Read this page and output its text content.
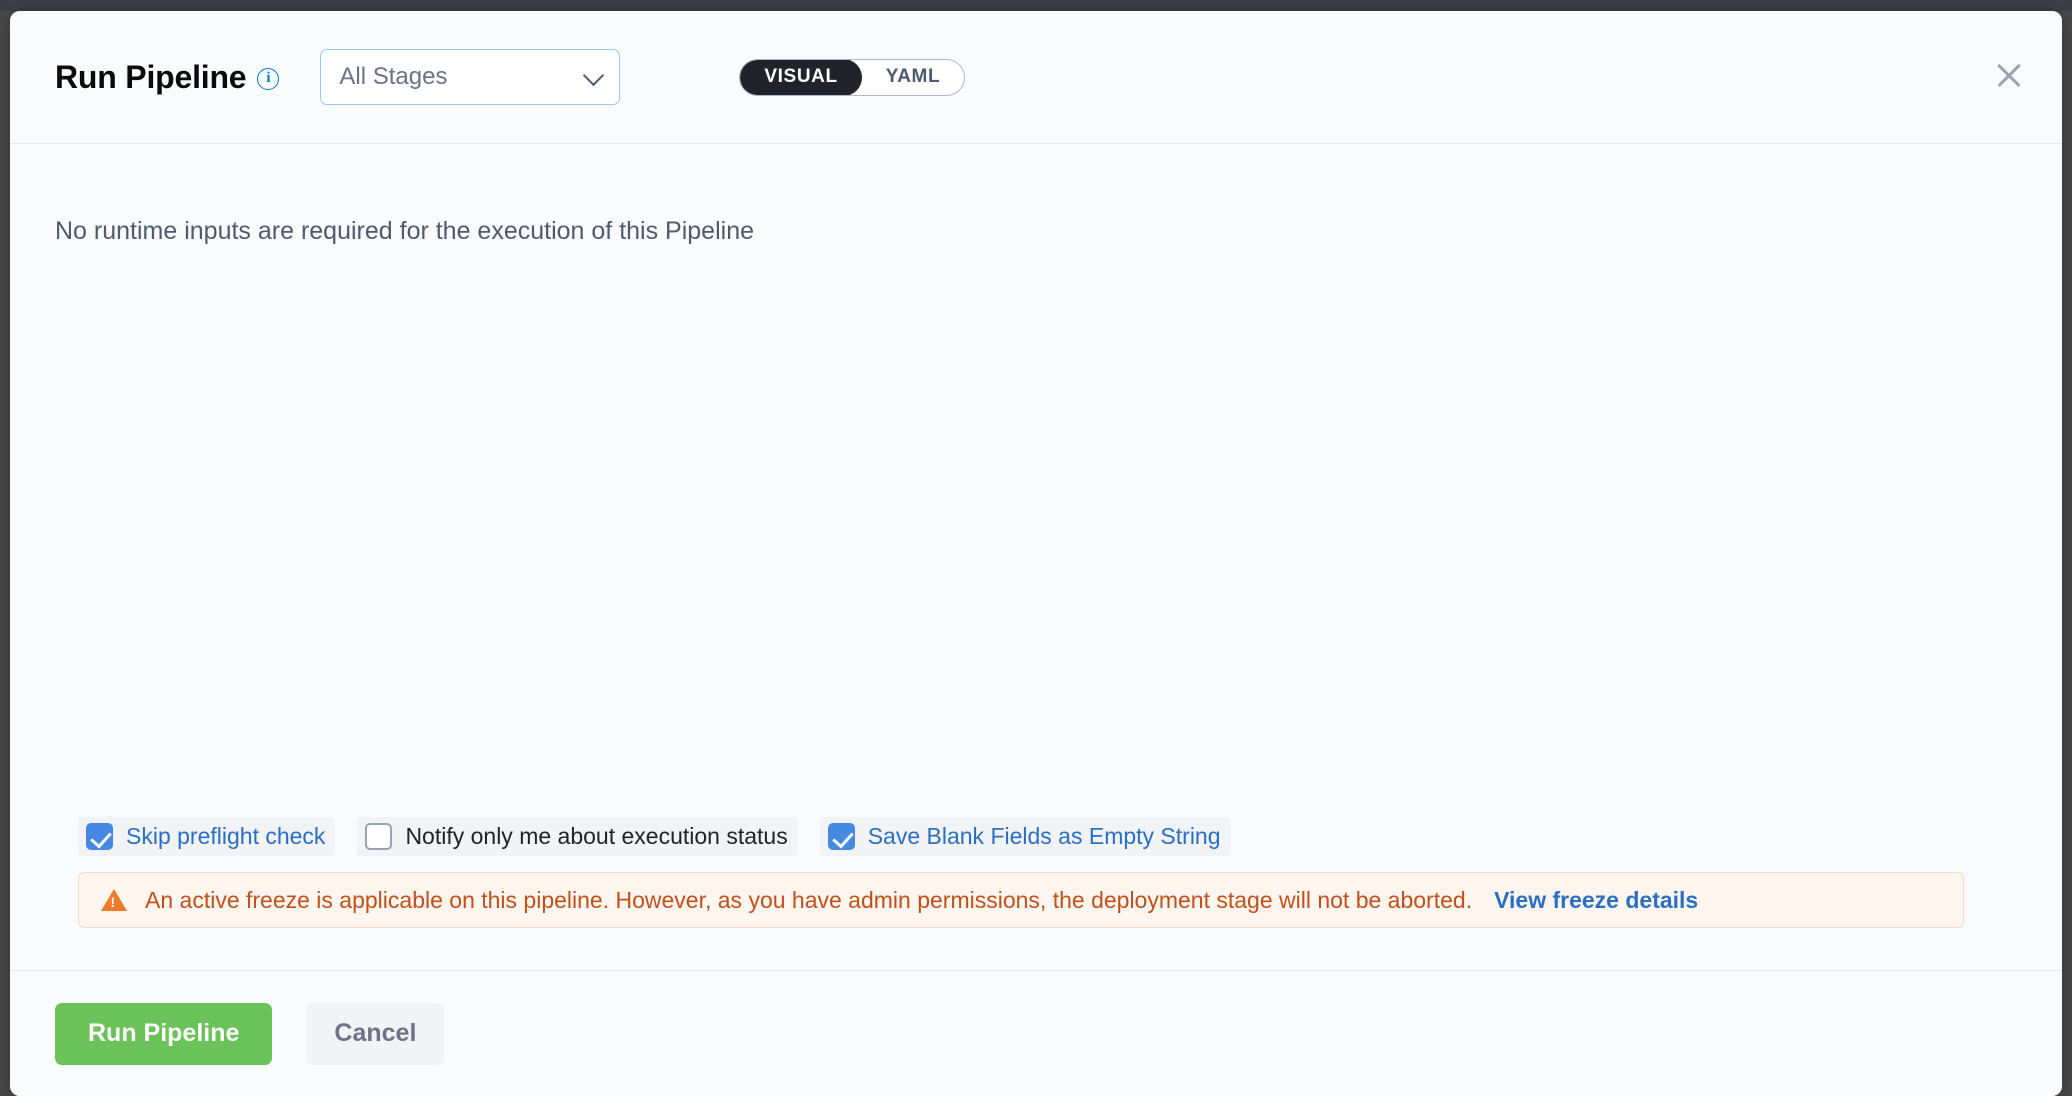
Run Pipeline	i	All Stages	VISUAL	YAML
No runtime inputs are required for the execution of this Pipeline
Skip preflight check	Notify only me about execution status	Save Blank Fields as Empty String
!
An active freeze is applicable on this pipeline. However, as you have admin permissions, the deployment stage will not be aborted. View freeze details
Run Pipeline	Cancel
